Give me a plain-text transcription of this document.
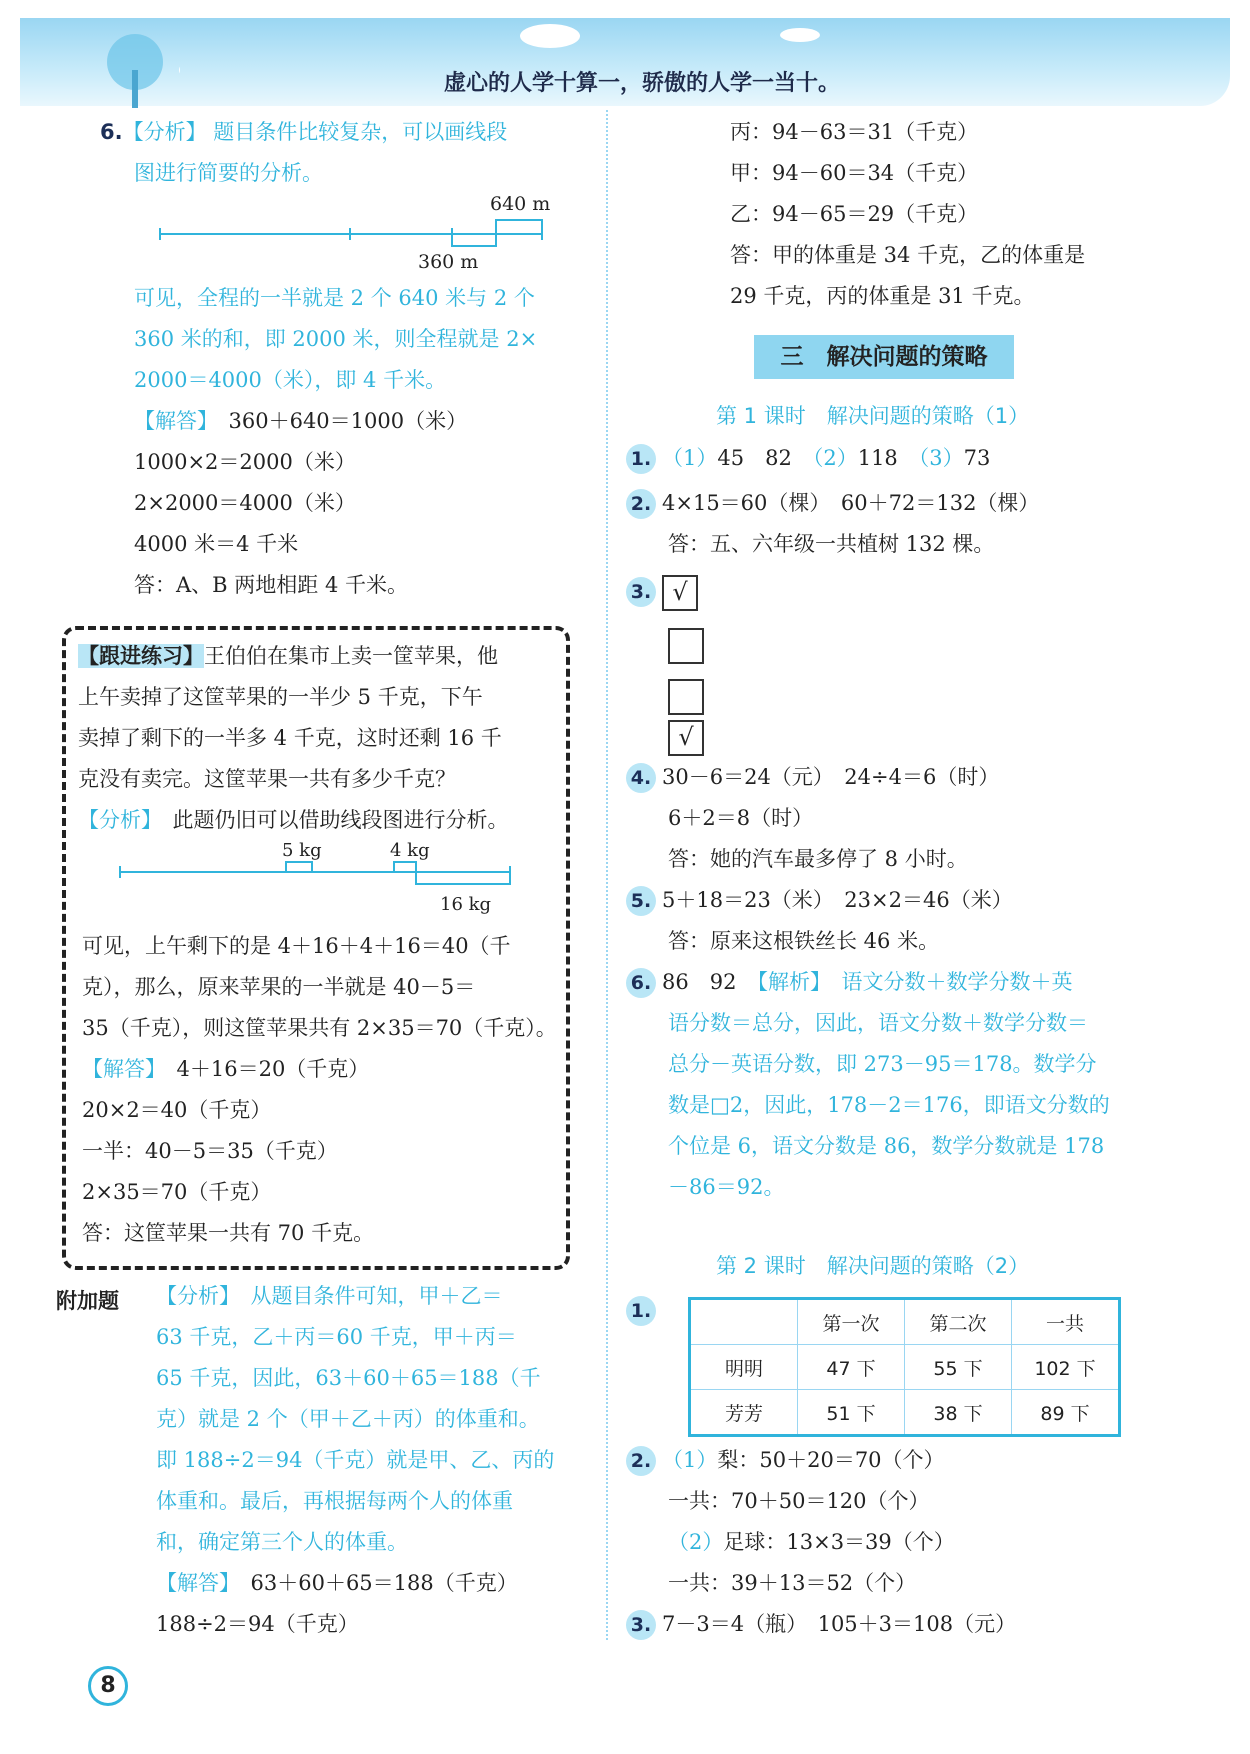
虚心的人学十算一，骄傲的人学一当十。
6.【分析】 题目条件比较复杂，可以画线段
图进行简要的分析。
640 m
360 m
可见，全程的一半就是 2 个 640 米与 2 个
360 米的和，即 2000 米，则全程就是 2×
2000＝4000（米），即 4 千米。
【解答】　 360＋640＝1000（米）
1000×2＝2000（米）
2×2000＝4000（米）
4000 米＝4 千米
答：A、B 两地相距 4 千米。
【跟进练习】王伯伯在集市上卖一筐苹果，他
上午卖掉了这筐苹果的一半少 5 千克，下午
卖掉了剩下的一半多 4 千克，这时还剩 16 千
克没有卖完。这筐苹果一共有多少千克？
【分析】　 此题仍旧可以借助线段图进行分析。
5 kg	4 kg
16 kg
可见，上午剩下的是 4＋16＋4＋16＝40（千
克），那么，原来苹果的一半就是 40－5＝
35（千克），则这筐苹果共有 2×35＝70（千克）。
【解答】　 4＋16＝20（千克）
20×2＝40（千克）
一半：40－5＝35（千克）
2×35＝70（千克）
答：这筐苹果一共有 70 千克。
附加题 【分析】　 从题目条件可知，甲＋乙＝
63 千克，乙＋丙＝60 千克，甲＋丙＝
65 千克，因此，63＋60＋65＝188（千
克）就是 2 个（甲＋乙＋丙）的体重和。
即 188÷2＝94（千克）就是甲、乙、丙的
体重和。最后，再根据每两个人的体重
和，确定第三个人的体重。
【解答】　 63＋60＋65＝188（千克）
188÷2＝94（千克）
8
丙：94－63＝31（千克）
甲：94－60＝34（千克）
乙：94－65＝29（千克）
答：甲的体重是 34 千克，乙的体重是
29 千克，丙的体重是 31 千克。
三　解决问题的策略
第 1 课时　解决问题的策略（1）
1. （1）45　82　 （2）118　 （3）73
2. 4×15＝60（棵）　60＋72＝132（棵）
答：五、六年级一共植树 132 棵。
3. √
√
4. 30－6＝24（元）　24÷4＝6（时）
6＋2＝8（时）
答：她的汽车最多停了 8 小时。
5. 5＋18＝23（米）　23×2＝46（米）
答：原来这根铁丝长 46 米。
6. 86　92　 【解析】　 语文分数＋数学分数＋英
语分数＝总分，因此，语文分数＋数学分数＝
总分－英语分数，即 273－95＝178。数学分
数是□2，因此，178－2＝176，即语文分数的
个位是 6，语文分数是 86，数学分数就是 178
－86＝92。
第 2 课时　解决问题的策略（2）
1.
	第一次	第二次	一共
明明	47 下	55 下	102 下
芳芳	51 下	38 下	89 下
2. （1）梨：50＋20＝70（个）
一共：70＋50＝120（个）
（2）足球：13×3＝39（个）
一共：39＋13＝52（个）
3. 7－3＝4（瓶）　105＋3＝108（元）
